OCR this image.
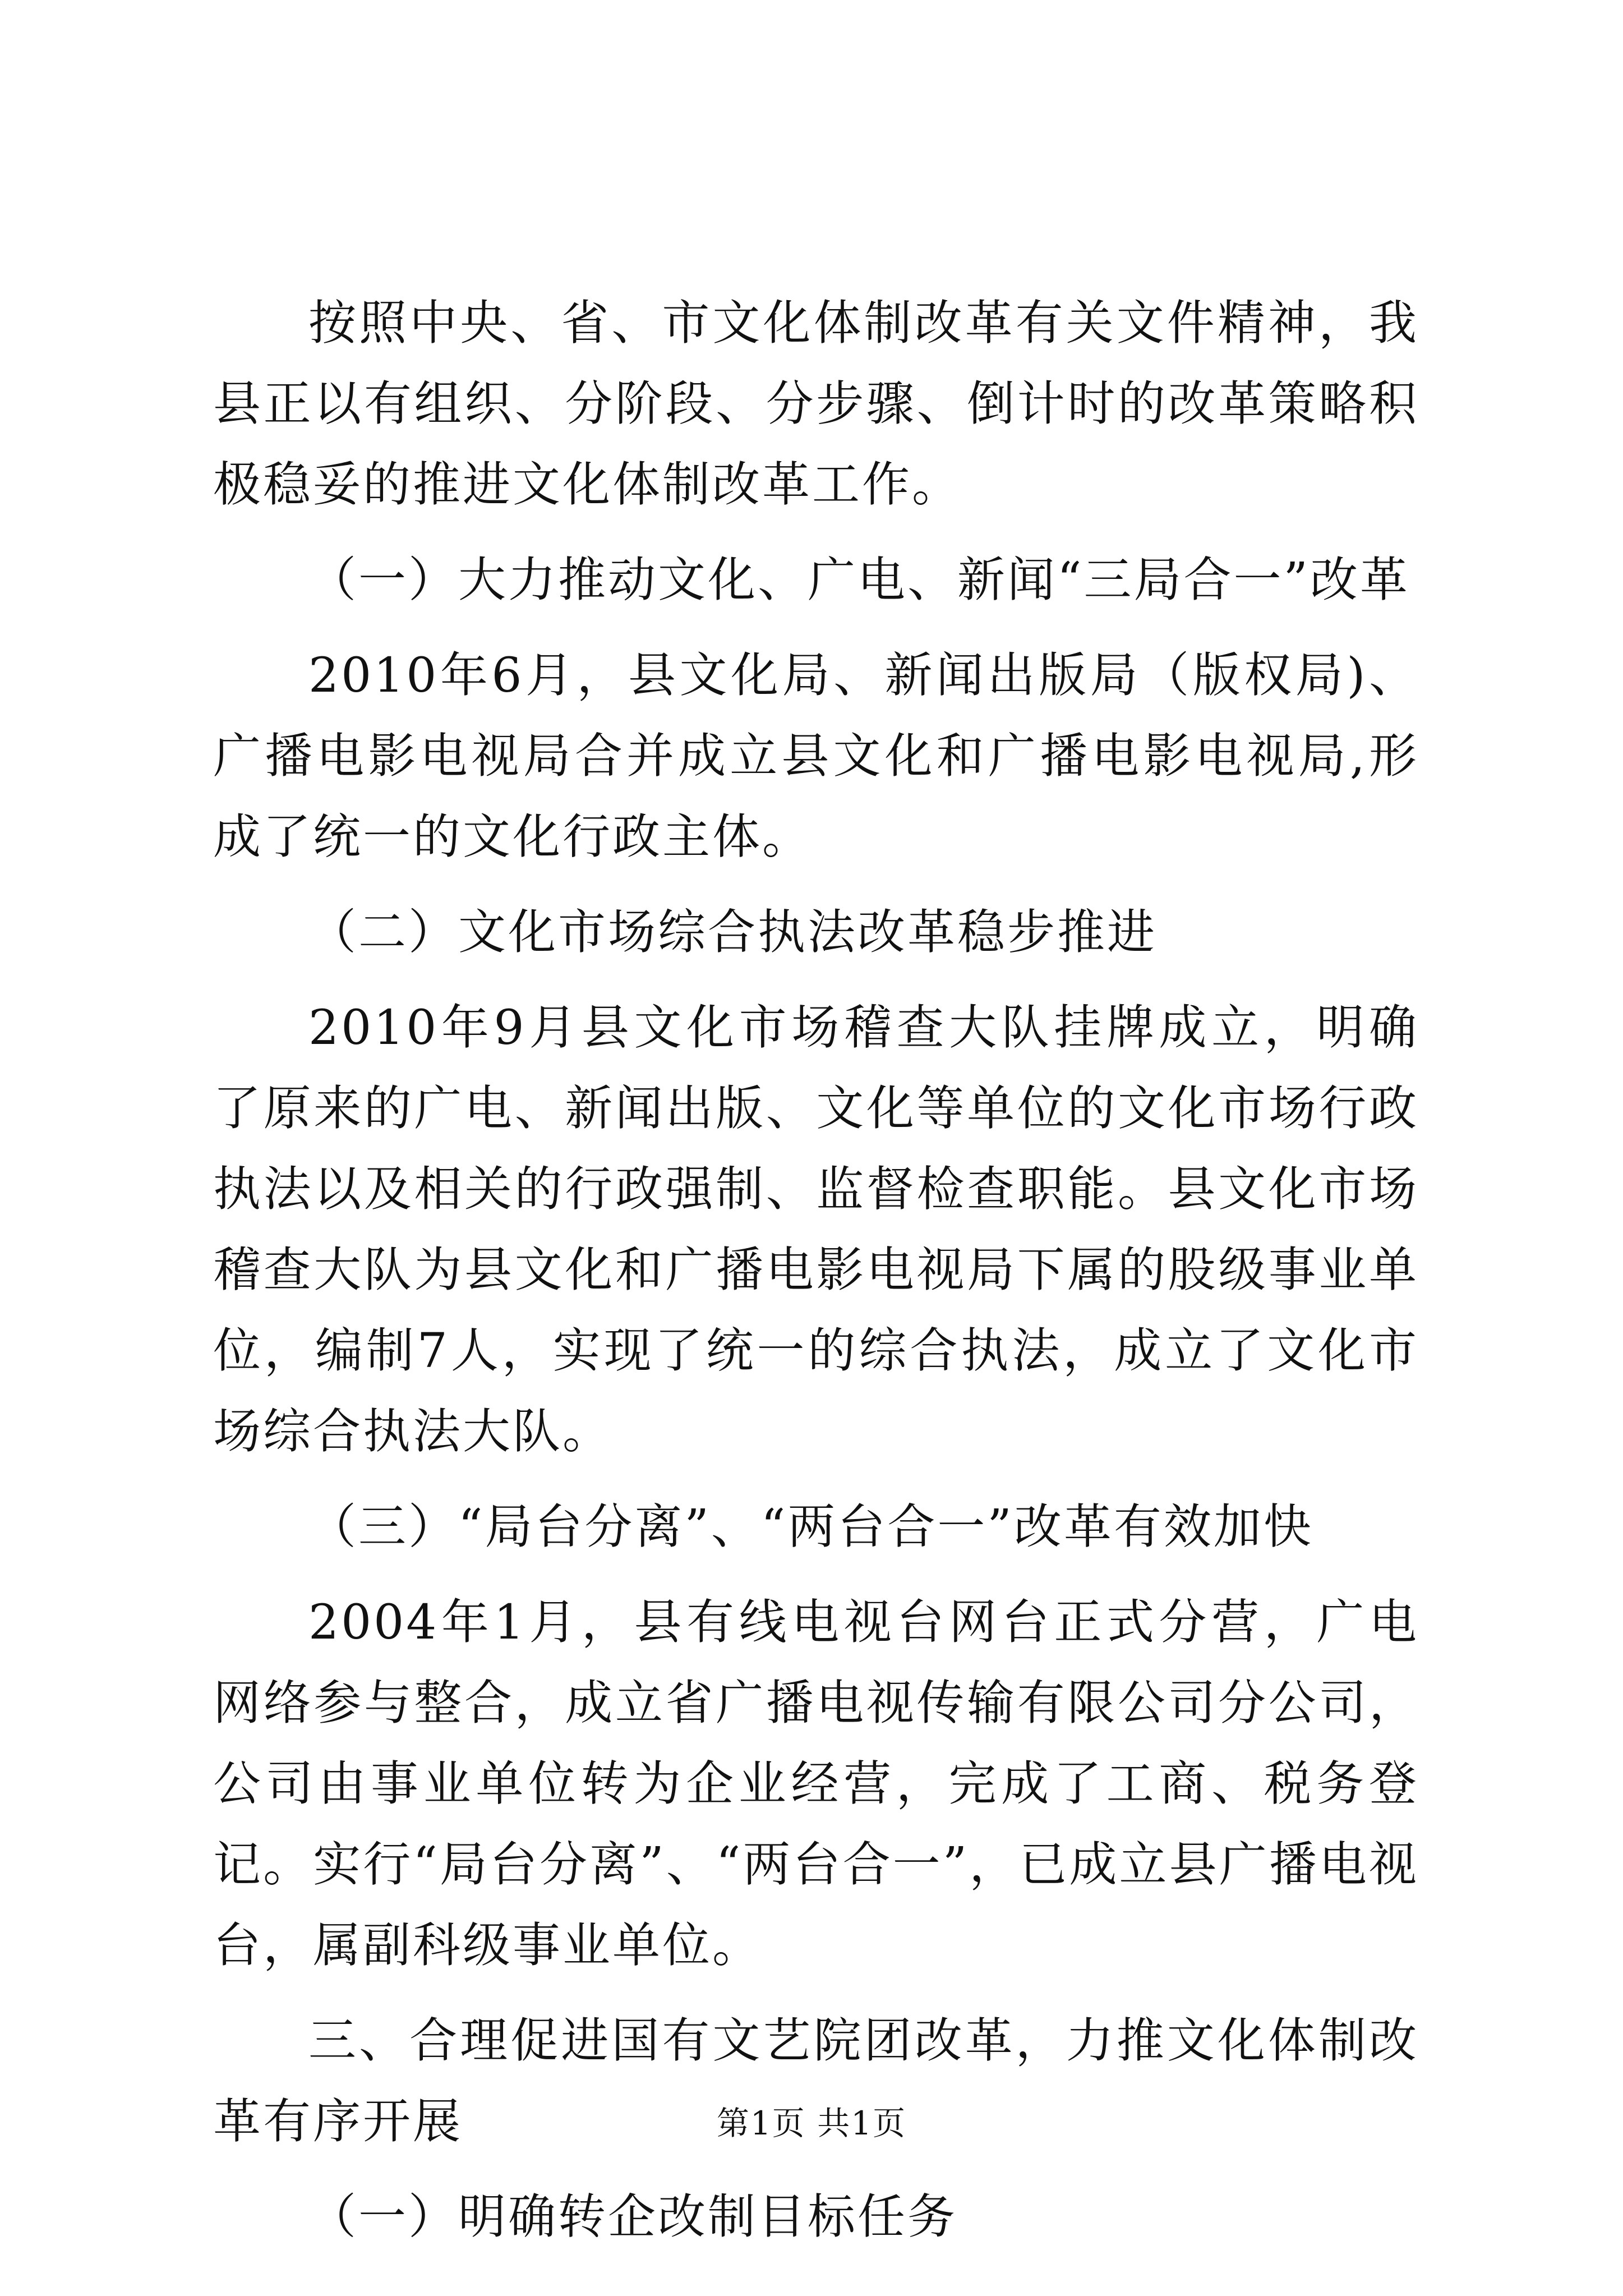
按照中央、省、市文化体制改革有关文件精神，我县正以有组织、分阶段、分步骤、倒计时的改革策略积极稳妥的推进文化体制改革工作。

（一）大力推动文化、广电、新闻“三局合一”改革

2010年6月，县文化局、新闻出版局（版权局)、广播电影电视局合并成立县文化和广播电影电视局,形成了统一的文化行政主体。

（二）文化市场综合执法改革稳步推进

2010年9月县文化市场稽查大队挂牌成立，明确了原来的广电、新闻出版、文化等单位的文化市场行政执法以及相关的行政强制、监督检查职能。县文化市场稽查大队为县文化和广播电影电视局下属的股级事业单位，编制7人，实现了统一的综合执法，成立了文化市场综合执法大队。

（三）“局台分离”、“两台合一”改革有效加快

2004年1月，县有线电视台网台正式分营，广电网络参与整合，成立省广播电视传输有限公司分公司，公司由事业单位转为企业经营，完成了工商、税务登记。实行“局台分离”、“两台合一”，已成立县广播电视台，属副科级事业单位。

三、合理促进国有文艺院团改革，力推文化体制改革有序开展

（一）明确转企改制目标任务

第1页 共1页
